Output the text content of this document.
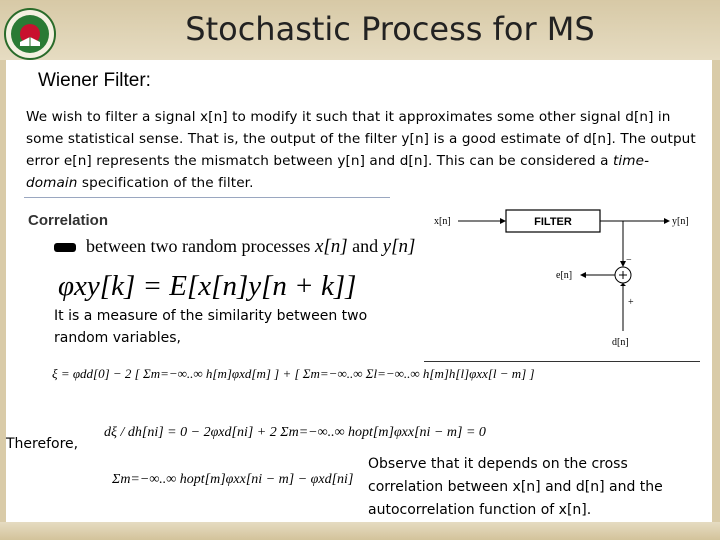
Stochastic Process for MS
Wiener Filter:
We wish to filter a signal x[n] to modify it such that it approximates some other signal d[n] in some statistical sense. That is, the output of the filter y[n] is a good estimate of d[n]. The output error e[n] represents the mismatch between y[n] and d[n]. This can be considered a time-domain specification of the filter.
Correlation
between two random processes x[n] and y[n]
φxy[k] = E[x[n]y[n + k]]
It is a measure of the similarity between two random variables,
x[n]	FILTER	y[n]
−
e[n]
+
d[n]
ξ = φdd[0] − 2 [ Σm=−∞..∞ h[m]φxd[m] ] + [ Σm=−∞..∞ Σl=−∞..∞ h[m]h[l]φxx[l − m] ]
Therefore,
dξ / dh[ni] = 0 − 2φxd[ni] + 2 Σm=−∞..∞ hopt[m]φxx[ni − m] = 0
Σm=−∞..∞ hopt[m]φxx[ni − m] − φxd[ni]
Observe that it depends on the cross correlation between x[n] and d[n] and the autocorrelation function of x[n].
